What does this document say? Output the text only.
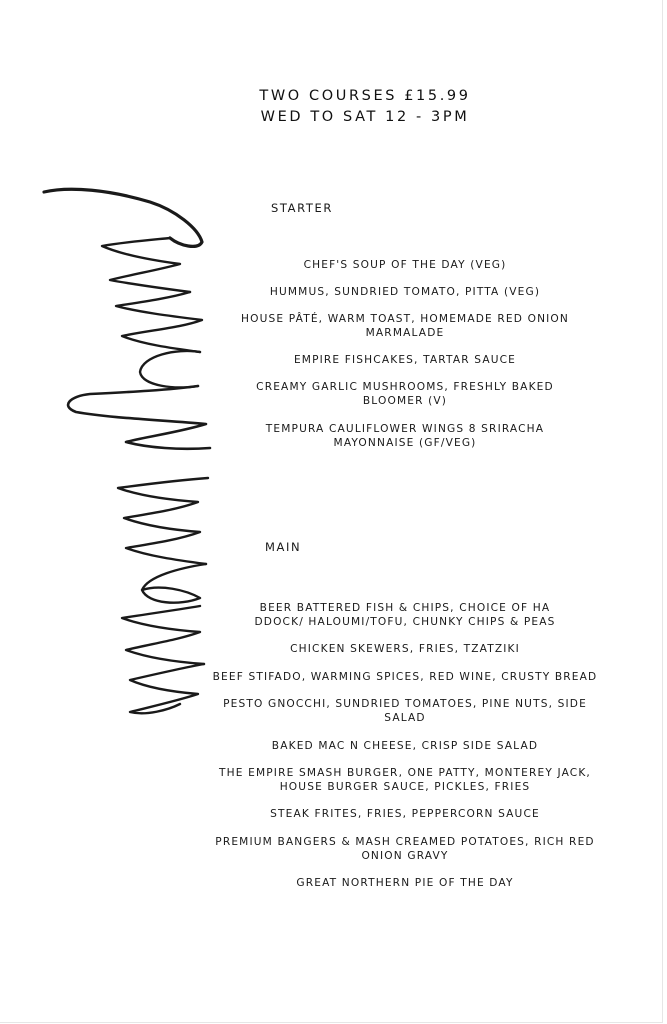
TWO COURSES £15.99
WED TO SAT 12 - 3PM
STARTER
CHEF'S SOUP OF THE DAY (VEG)
HUMMUS, SUNDRIED TOMATO, PITTA (VEG)
HOUSE PÂTÉ, WARM TOAST, HOMEMADE RED ONION
MARMALADE
EMPIRE FISHCAKES, TARTAR SAUCE
CREAMY GARLIC MUSHROOMS, FRESHLY BAKED
BLOOMER (V)
TEMPURA CAULIFLOWER WINGS 8 SRIRACHA
MAYONNAISE (GF/VEG)
MAIN
BEER BATTERED FISH & CHIPS, CHOICE OF HA
DDOCK/ HALOUMI/TOFU, CHUNKY CHIPS & PEAS
CHICKEN SKEWERS, FRIES, TZATZIKI
BEEF STIFADO, WARMING SPICES, RED WINE, CRUSTY BREAD
PESTO GNOCCHI, SUNDRIED TOMATOES, PINE NUTS, SIDE
SALAD
BAKED MAC N CHEESE, CRISP SIDE SALAD
THE EMPIRE SMASH BURGER, ONE PATTY, MONTEREY JACK,
HOUSE BURGER SAUCE, PICKLES, FRIES
STEAK FRITES, FRIES, PEPPERCORN SAUCE
PREMIUM BANGERS & MASH CREAMED POTATOES, RICH RED
ONION GRAVY
GREAT NORTHERN PIE OF THE DAY
